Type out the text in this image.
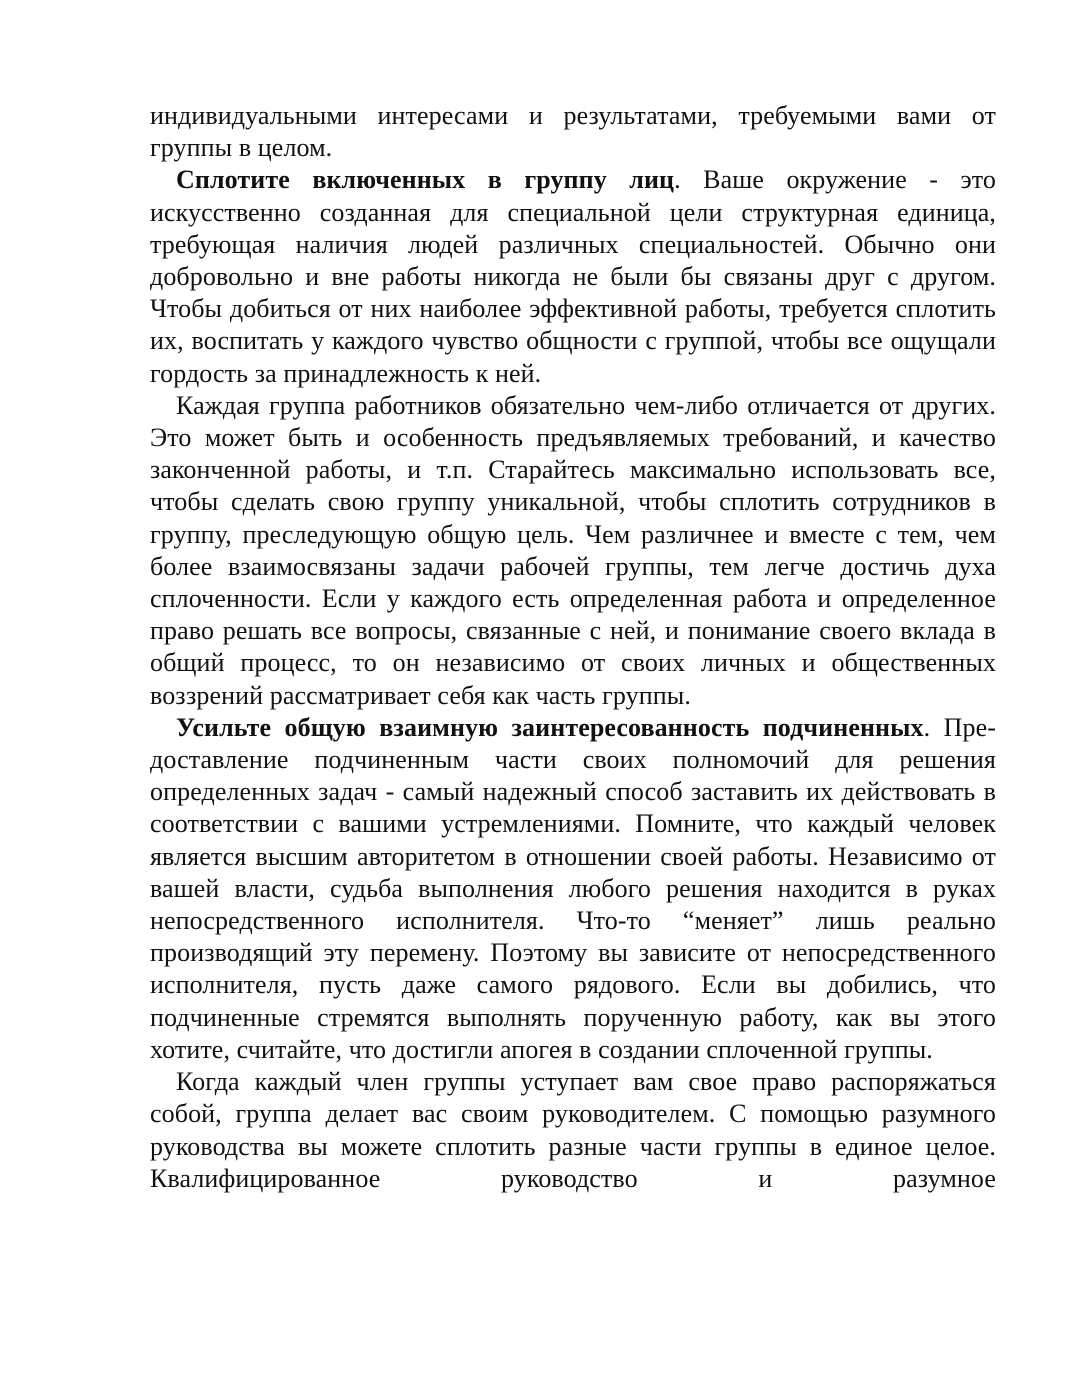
индивидуальными интересами и результатами, требуемыми вами от группы в целом.

Сплотите включенных в группу лиц. Ваше окружение - это искусственно созданная для специальной цели структурная единица, требующая наличия людей различных специальностей. Обычно они добровольно и вне работы никогда не были бы связаны друг с другом. Чтобы добиться от них наиболее эффективной работы, требуется сплотить их, воспитать у каждого чувство общности с группой, чтобы все ощущали гордость за принадлежность к ней.

Каждая группа работников обязательно чем-либо отличается от других. Это может быть и особенность предъявляемых требований, и качество законченной работы, и т.п. Старайтесь максимально использовать все, чтобы сделать свою группу уникальной, чтобы сплотить сотрудников в группу, преследующую общую цель. Чем различнее и вместе с тем, чем более взаимосвязаны задачи рабочей группы, тем легче достичь духа сплоченности. Если у каждого есть определенная работа и определенное право решать все вопросы, связанные с ней, и понимание своего вклада в общий процесс, то он независимо от своих личных и общественных воззрений рассматривает себя как часть группы.

Усильте общую взаимную заинтересованность подчиненных. Пре-доставление подчиненным части своих полномочий для решения определенных задач - самый надежный способ заставить их действовать в соответствии с вашими устремлениями. Помните, что каждый человек является высшим авторитетом в отношении своей работы. Независимо от вашей власти, судьба выполнения любого решения находится в руках непосредственного исполнителя. Что-то “меняет” лишь реально производящий эту перемену. Поэтому вы зависите от непосредственного исполнителя, пусть даже самого рядового. Если вы добились, что подчиненные стремятся выполнять порученную работу, как вы этого хотите, считайте, что достигли апогея в создании сплоченной группы.

Когда каждый член группы уступает вам свое право распоряжаться собой, группа делает вас своим руководителем. С помощью разумного руководства вы можете сплотить разные части группы в единое целое. Квалифицированное руководство и разумное
